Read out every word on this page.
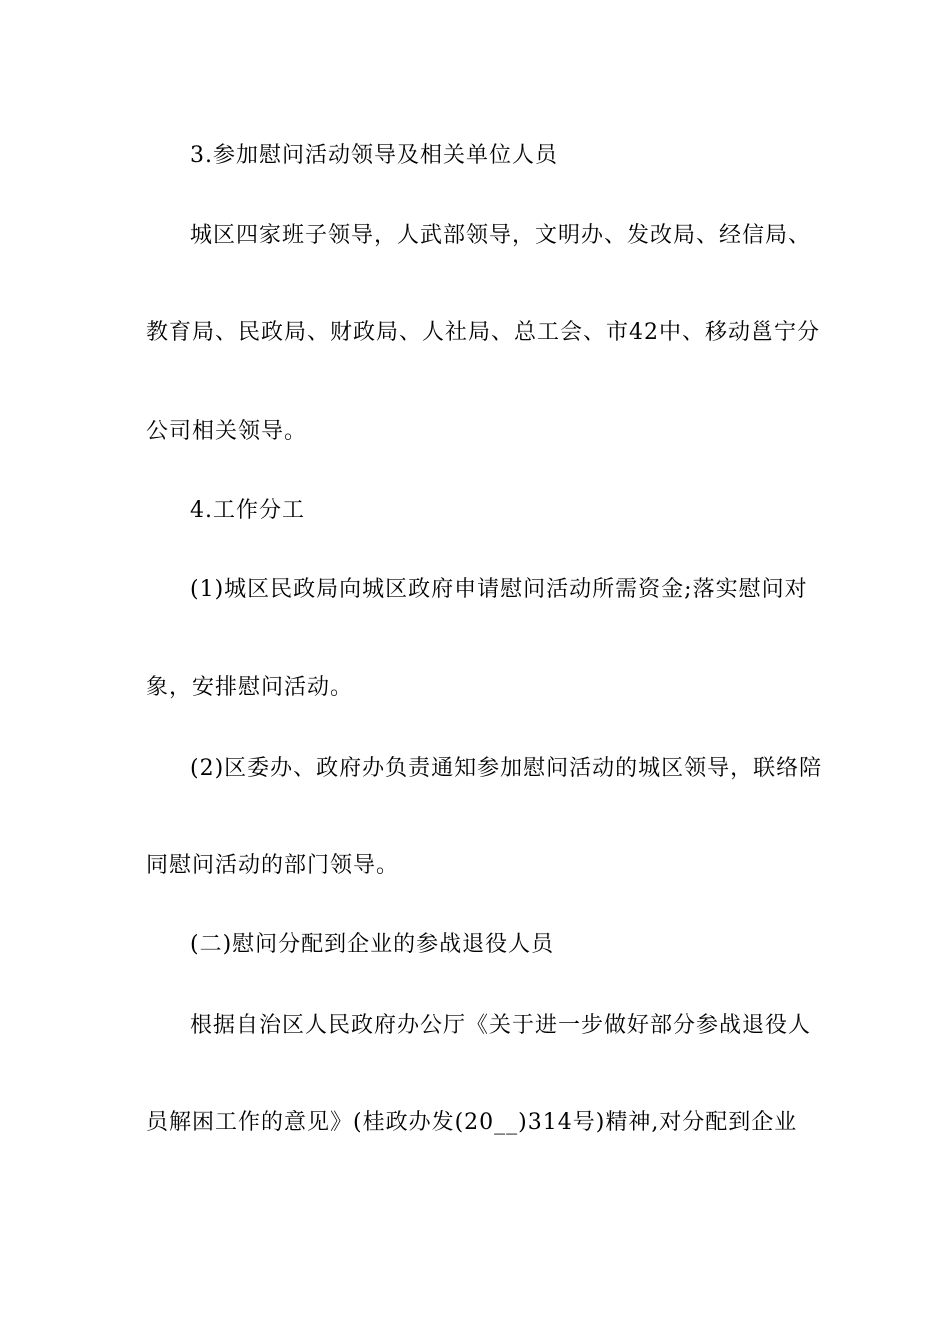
3.参加慰问活动领导及相关单位人员
城区四家班子领导，人武部领导，文明办、发改局、经信局、
教育局、民政局、财政局、人社局、总工会、市42中、移动邕宁分
公司相关领导。
4.工作分工
(1)城区民政局向城区政府申请慰问活动所需资金;落实慰问对
象，安排慰问活动。
(2)区委办、政府办负责通知参加慰问活动的城区领导，联络陪
同慰问活动的部门领导。
(二)慰问分配到企业的参战退役人员
根据自治区人民政府办公厅《关于进一步做好部分参战退役人
员解困工作的意见》(桂政办发(20__)314号)精神,对分配到企业
